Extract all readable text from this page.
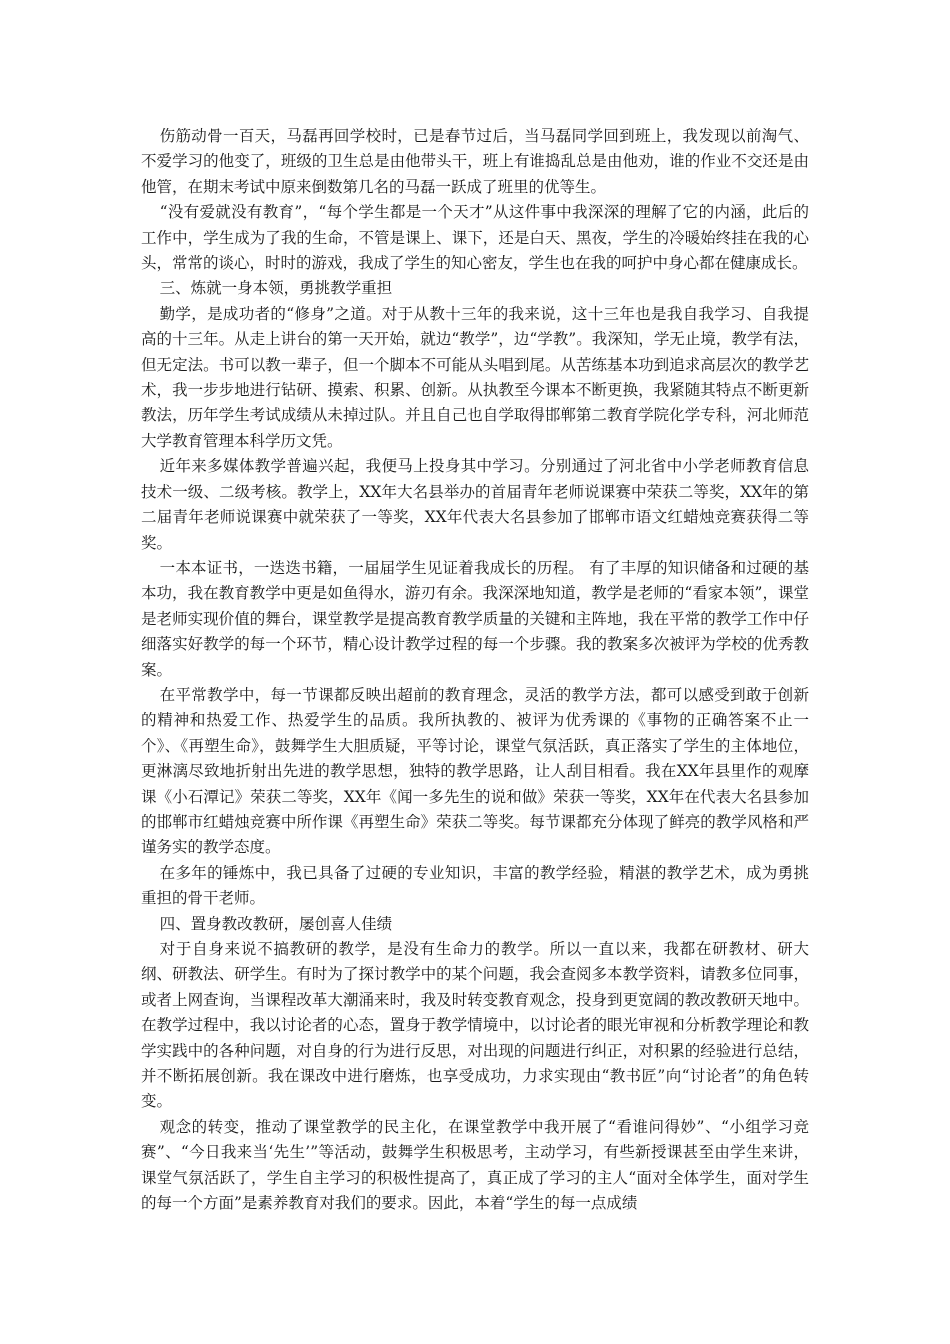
伤筋动骨一百天，马磊再回学校时，已是春节过后，当马磊同学回到班上，我发现以前淘气、不爱学习的他变了，班级的卫生总是由他带头干，班上有谁捣乱总是由他劝，谁的作业不交还是由他管，在期末考试中原来倒数第几名的马磊一跃成了班里的优等生。

“没有爱就没有教育”，“每个学生都是一个天才”从这件事中我深深的理解了它的内涵，此后的工作中，学生成为了我的生命，不管是课上、课下，还是白天、黑夜，学生的冷暖始终挂在我的心头，常常的谈心，时时的游戏，我成了学生的知心密友，学生也在我的呵护中身心都在健康成长。

三、炼就一身本领，勇挑教学重担

勤学，是成功者的“修身”之道。对于从教十三年的我来说，这十三年也是我自我学习、自我提高的十三年。从走上讲台的第一天开始，就边“教学”，边“学教”。我深知，学无止境，教学有法，但无定法。书可以教一辈子，但一个脚本不可能从头唱到尾。从苦练基本功到追求高层次的教学艺术，我一步步地进行钻研、摸索、积累、创新。从执教至今课本不断更换，我紧随其特点不断更新教法，历年学生考试成绩从未掉过队。并且自己也自学取得邯郸第二教育学院化学专科，河北师范大学教育管理本科学历文凭。

近年来多媒体教学普遍兴起，我便马上投身其中学习。分别通过了河北省中小学老师教育信息技术一级、二级考核。教学上，XX年大名县举办的首届青年老师说课赛中荣获二等奖，XX年的第二届青年老师说课赛中就荣获了一等奖，XX年代表大名县参加了邯郸市语文红蜡烛竞赛获得二等奖。

一本本证书，一迭迭书籍，一届届学生见证着我成长的历程。 有了丰厚的知识储备和过硬的基本功，我在教育教学中更是如鱼得水，游刃有余。我深深地知道，教学是老师的“看家本领”，课堂是老师实现价值的舞台，课堂教学是提高教育教学质量的关键和主阵地，我在平常的教学工作中仔细落实好教学的每一个环节，精心设计教学过程的每一个步骤。我的教案多次被评为学校的优秀教案。

在平常教学中，每一节课都反映出超前的教育理念，灵活的教学方法，都可以感受到敢于创新的精神和热爱工作、热爱学生的品质。我所执教的、被评为优秀课的《事物的正确答案不止一个》、《再塑生命》，鼓舞学生大胆质疑，平等讨论，课堂气氛活跃，真正落实了学生的主体地位，更淋漓尽致地折射出先进的教学思想，独特的教学思路，让人刮目相看。我在XX年县里作的观摩课《小石潭记》荣获二等奖，XX年《闻一多先生的说和做》荣获一等奖，XX年在代表大名县参加的邯郸市红蜡烛竞赛中所作课《再塑生命》荣获二等奖。每节课都充分体现了鲜亮的教学风格和严谨务实的教学态度。

在多年的锤炼中，我已具备了过硬的专业知识，丰富的教学经验，精湛的教学艺术，成为勇挑重担的骨干老师。

四、置身教改教研，屡创喜人佳绩

对于自身来说不搞教研的教学，是没有生命力的教学。所以一直以来，我都在研教材、研大纲、研教法、研学生。有时为了探讨教学中的某个问题，我会查阅多本教学资料，请教多位同事，或者上网查询，当课程改革大潮涌来时，我及时转变教育观念，投身到更宽阔的教改教研天地中。在教学过程中，我以讨论者的心态，置身于教学情境中，以讨论者的眼光审视和分析教学理论和教学实践中的各种问题，对自身的行为进行反思，对出现的问题进行纠正，对积累的经验进行总结，并不断拓展创新。我在课改中进行磨炼，也享受成功，力求实现由“教书匠”向“讨论者”的角色转变。

观念的转变，推动了课堂教学的民主化，在课堂教学中我开展了“看谁问得妙”、“小组学习竞赛”、“今日我来当‘先生’”等活动，鼓舞学生积极思考，主动学习，有些新授课甚至由学生来讲，课堂气氛活跃了，学生自主学习的积极性提高了，真正成了学习的主人“面对全体学生，面对学生的每一个方面”是素养教育对我们的要求。因此，本着“学生的每一点成绩
